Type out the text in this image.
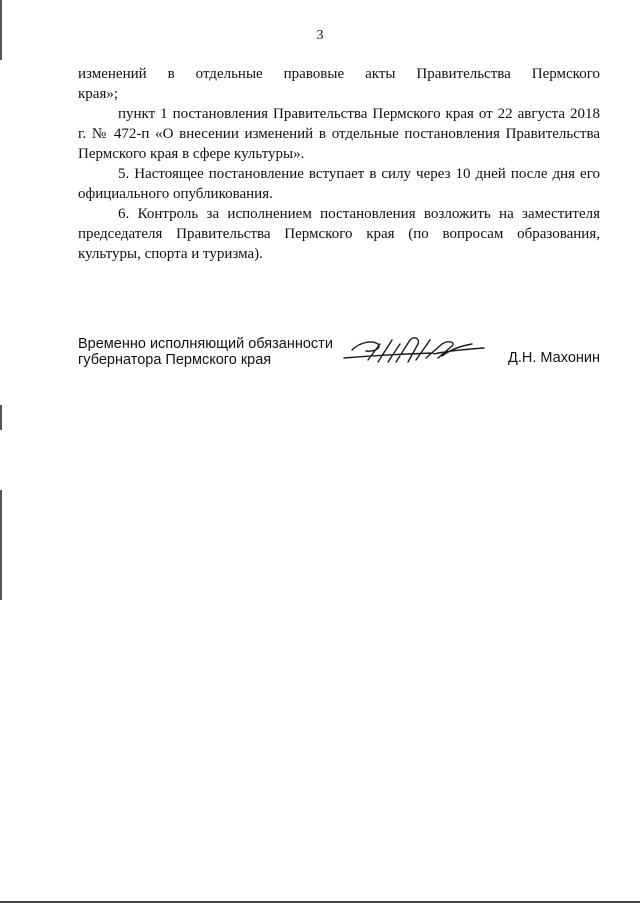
3

изменений в отдельные правовые акты Правительства Пермского
края»;

пункт 1 постановления Правительства Пермского края от 22 августа 2018 г. № 472-п «О внесении изменений в отдельные постановления Правительства Пермского края в сфере культуры».

5. Настоящее постановление вступает в силу через 10 дней после дня его официального опубликования.

6. Контроль за исполнением постановления возложить на заместителя председателя Правительства Пермского края (по вопросам образования, культуры, спорта и туризма).

Временно исполняющий обязанности
губернатора Пермского края	Д.Н. Махонин
